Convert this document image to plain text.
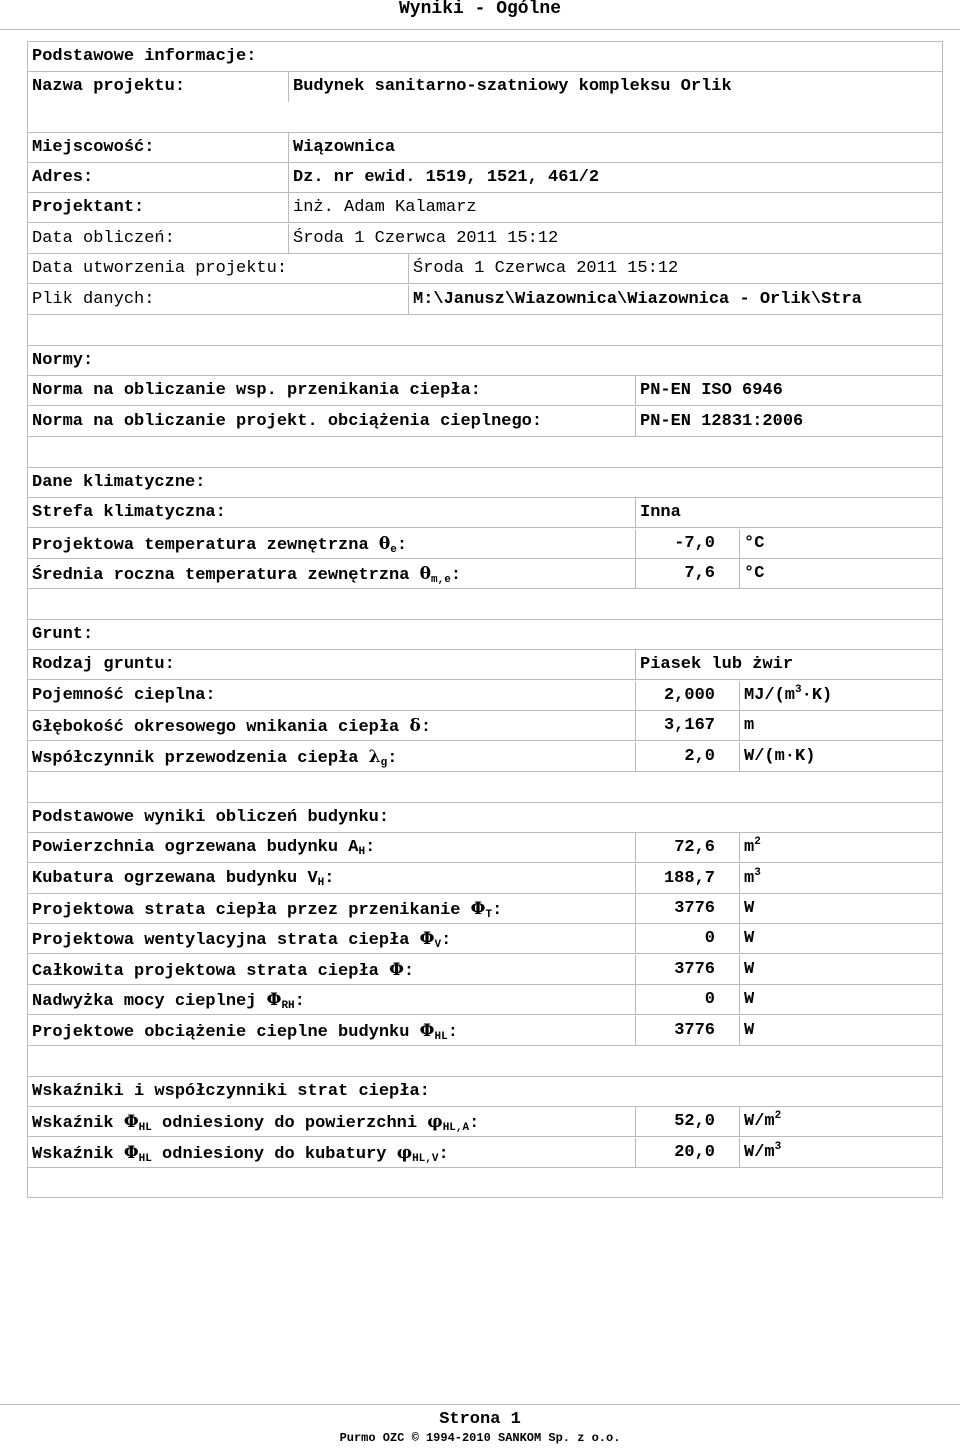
Wyniki - Ogólne
Podstawowe informacje:
Nazwa projektu:	Budynek sanitarno-szatniowy kompleksu Orlik
Miejscowość:	Wiązownica
Adres:	Dz. nr ewid. 1519, 1521, 461/2
Projektant:	inż. Adam Kalamarz
Data obliczeń:	Środa 1 Czerwca 2011 15:12
Data utworzenia projektu:	Środa 1 Czerwca 2011 15:12
Plik danych:	M:\Janusz\Wiazownica\Wiazownica - Orlik\Stra
Normy:
Norma na obliczanie wsp. przenikania ciepła:	PN-EN ISO 6946
Norma na obliczanie projekt. obciążenia cieplnego:	PN-EN 12831:2006
Dane klimatyczne:
Strefa klimatyczna:	Inna
Projektowa temperatura zewnętrzna $\theta_e$:	-7,0	°C
Średnia roczna temperatura zewnętrzna $\theta_{m,e}$:	7,6	°C
Grunt:
Rodzaj gruntu:	Piasek lub żwir
Pojemność cieplna:	2,000	$MJ/(m^3\cdot K)$
Głębokość okresowego wnikania ciepła δ:	3,167	m
Współczynnik przewodzenia ciepła $\lambda_g$:	2,0	W/(m·K)
Podstawowe wyniki obliczeń budynku:
Powierzchnia ogrzewana budynku $A_H$:	72,6	$m^2$
Kubatura ogrzewana budynku $V_H$:	188,7	$m^3$
Projektowa strata ciepła przez przenikanie $\Phi_T$:	3776	W
Projektowa wentylacyjna strata ciepła $\Phi_V$:	0	W
Całkowita projektowa strata ciepła Φ:	3776	W
Nadwyżka mocy cieplnej $\Phi_{RH}$:	0	W
Projektowe obciążenie cieplne budynku $\Phi_{HL}$:	3776	W
Wskaźniki i współczynniki strat ciepła:
Wskaźnik $\Phi_{HL}$ odniesiony do powierzchni $\varphi_{HL,A}$:	52,0	$W/m^2$
Wskaźnik $\Phi_{HL}$ odniesiony do kubatury $\varphi_{HL,V}$:	20,0	$W/m^3$
Strona 1
Purmo OZC © 1994-2010 SANKOM Sp. z o.o.
